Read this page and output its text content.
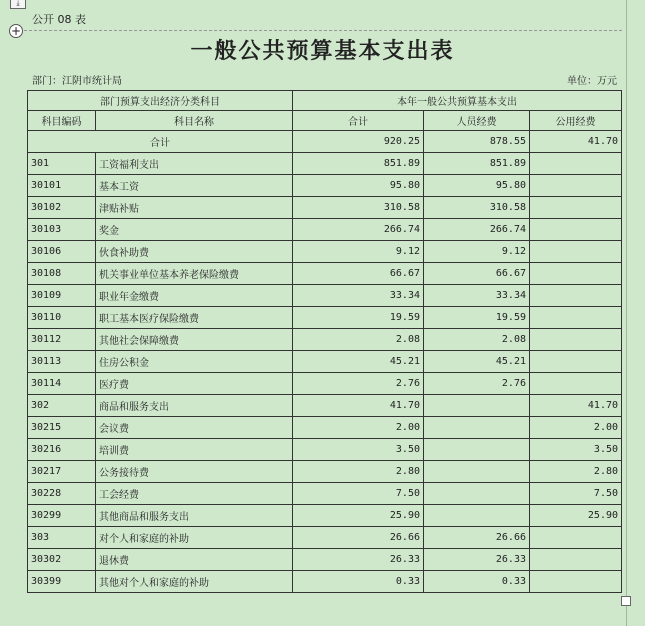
⤓
公开 08 表
+
一般公共预算基本支出表
部门：江阴市统计局	单位：万元
部门预算支出经济分类科目		本年一般公共预算基本支出		
科目编码	科目名称	合计	人员经费	公用经费
合计		920.25	878.55	41.70
301	工资福利支出	851.89	851.89	
30101	基本工资	95.80	95.80	
30102	津贴补贴	310.58	310.58	
30103	奖金	266.74	266.74	
30106	伙食补助费	9.12	9.12	
30108	机关事业单位基本养老保险缴费	66.67	66.67	
30109	职业年金缴费	33.34	33.34	
30110	职工基本医疗保险缴费	19.59	19.59	
30112	其他社会保障缴费	2.08	2.08	
30113	住房公积金	45.21	45.21	
30114	医疗费	2.76	2.76	
302	商品和服务支出	41.70		41.70
30215	会议费	2.00		2.00
30216	培训费	3.50		3.50
30217	公务接待费	2.80		2.80
30228	工会经费	7.50		7.50
30299	其他商品和服务支出	25.90		25.90
303	对个人和家庭的补助	26.66	26.66	
30302	退休费	26.33	26.33	
30399	其他对个人和家庭的补助	0.33	0.33	
